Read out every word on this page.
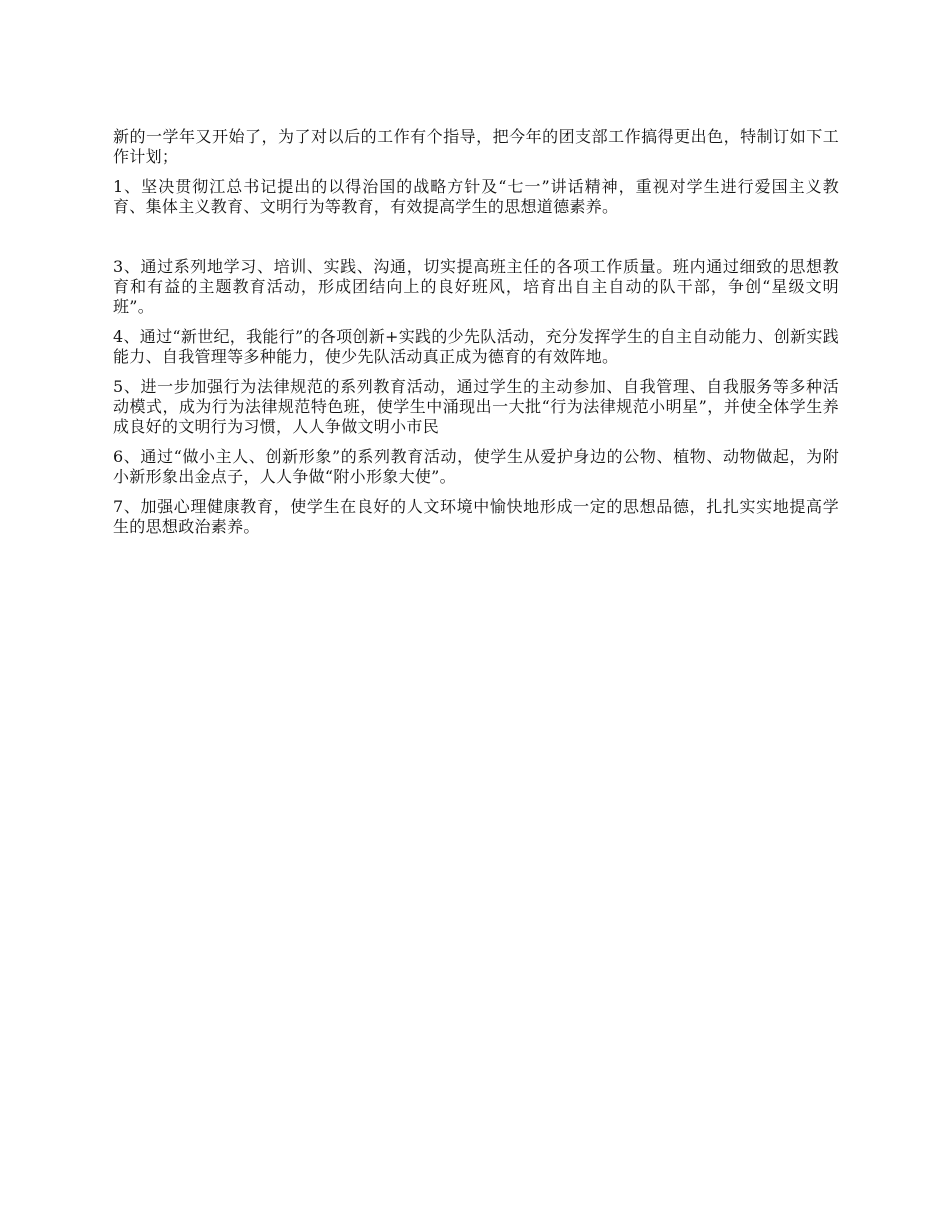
新的一学年又开始了，为了对以后的工作有个指导，把今年的团支部工作搞得更出色，特制订如下工作计划；

1、坚决贯彻江总书记提出的以得治国的战略方针及“七一”讲话精神，重视对学生进行爱国主义教育、集体主义教育、文明行为等教育，有效提高学生的思想道德素养。

3、通过系列地学习、培训、实践、沟通，切实提高班主任的各项工作质量。班内通过细致的思想教育和有益的主题教育活动，形成团结向上的良好班风，培育出自主自动的队干部，争创“星级文明班”。

4、通过“新世纪，我能行”的各项创新+实践的少先队活动，充分发挥学生的自主自动能力、创新实践能力、自我管理等多种能力，使少先队活动真正成为德育的有效阵地。

5、进一步加强行为法律规范的系列教育活动，通过学生的主动参加、自我管理、自我服务等多种活动模式，成为行为法律规范特色班，使学生中涌现出一大批“行为法律规范小明星”，并使全体学生养成良好的文明行为习惯，人人争做文明小市民

6、通过“做小主人、创新形象”的系列教育活动，使学生从爱护身边的公物、植物、动物做起，为附小新形象出金点子，人人争做“附小形象大使”。

7、加强心理健康教育，使学生在良好的人文环境中愉快地形成一定的思想品德，扎扎实实地提高学生的思想政治素养。
